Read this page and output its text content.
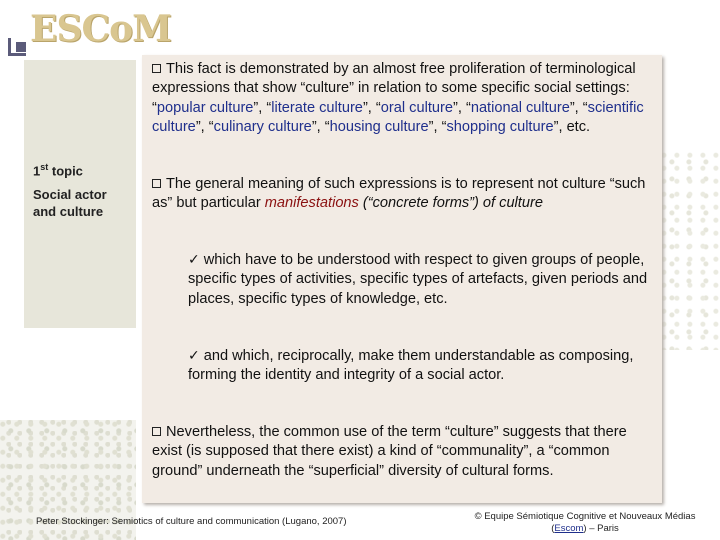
ESCoM
1st topic
Social actor and culture
This fact is demonstrated by an almost free proliferation of terminological expressions that show “culture” in relation to some specific social settings: “popular culture”, “literate culture”, “oral culture”, “national culture”, “scientific culture”, “culinary culture”, “housing culture”, “shopping culture”, etc.
The general meaning of such expressions is to represent not culture “such as” but particular manifestations (“concrete forms”) of culture
✓ which have to be understood with respect to given groups of people, specific types of activities, specific types of artefacts, given periods and places, specific types of knowledge, etc.
✓ and which, reciprocally, make them understandable as composing, forming the identity and integrity of a social actor.
Nevertheless, the common use of the term “culture” suggests that there exist (is supposed that there exist) a kind of “communality”, a “common ground” underneath the “superficial” diversity of cultural forms.
Peter Stockinger: Semiotics of culture and communication (Lugano, 2007)	© Equipe Sémiotique Cognitive et Nouveaux Médias
(Escom) – Paris
